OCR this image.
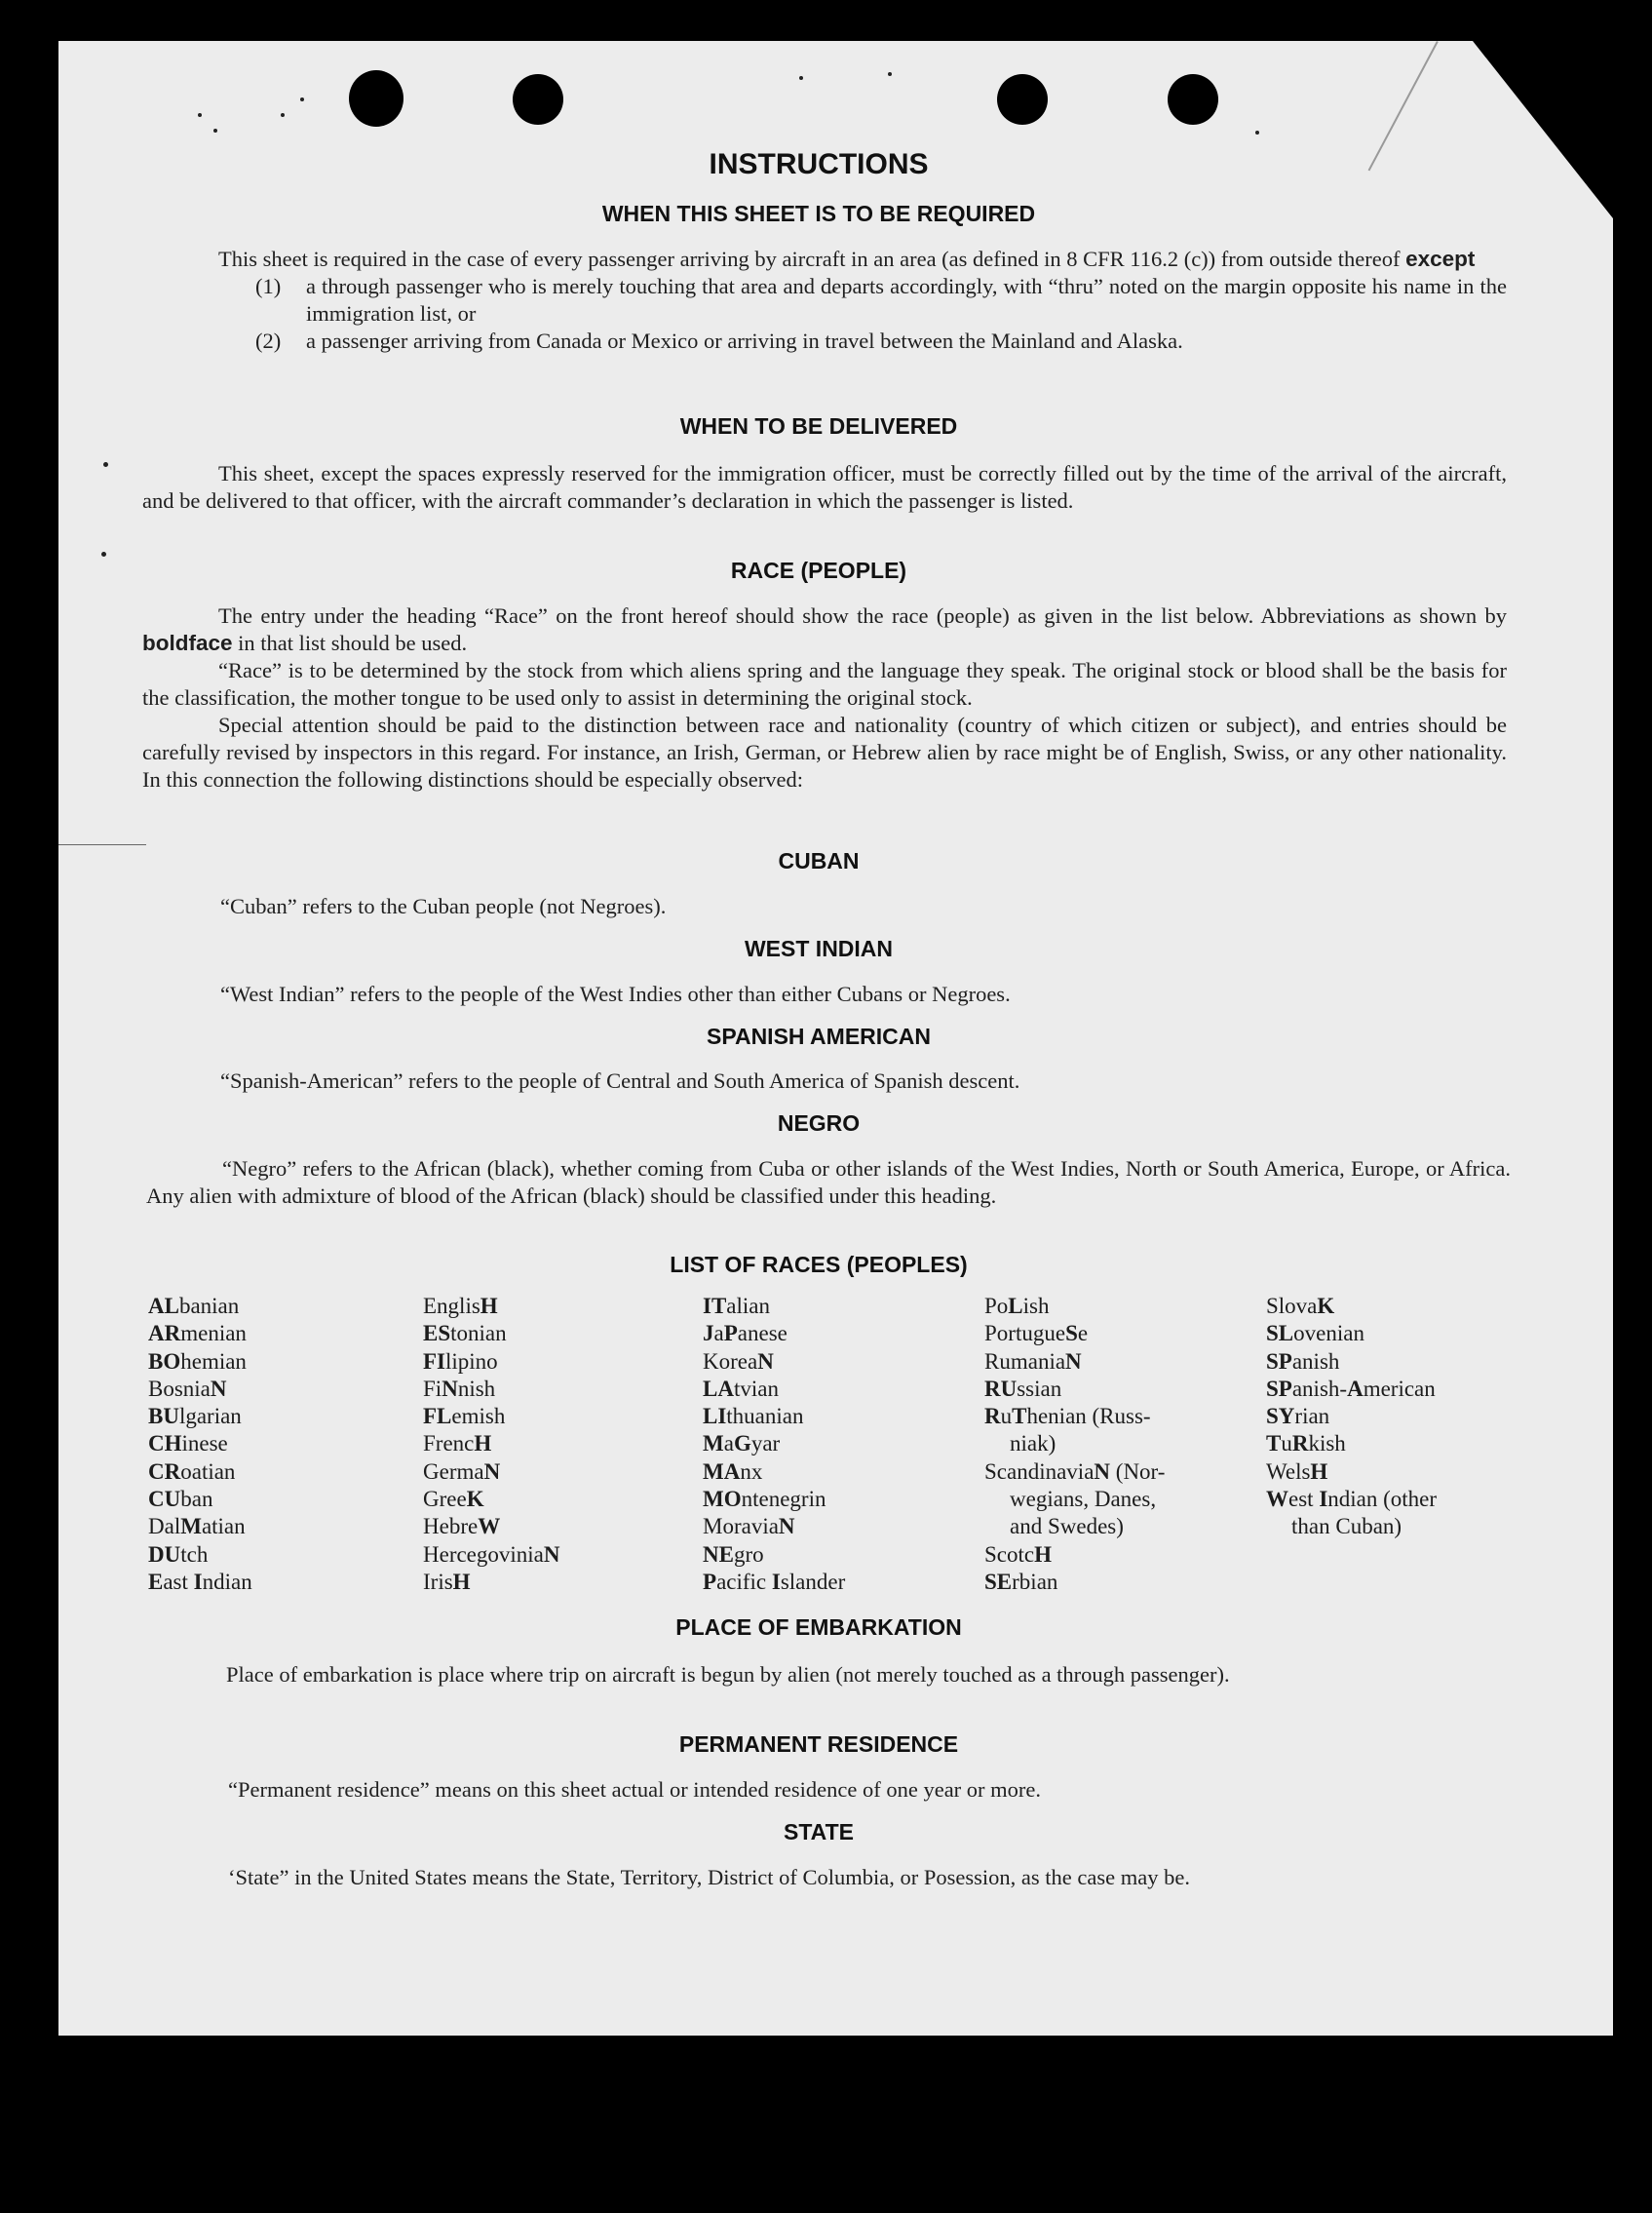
INSTRUCTIONS
WHEN THIS SHEET IS TO BE REQUIRED
This sheet is required in the case of every passenger arriving by aircraft in an area (as defined in 8 CFR 116.2 (c)) from outside thereof except
(1) a through passenger who is merely touching that area and departs accordingly, with “thru” noted on the margin opposite his name in the immigration list, or
(2) a passenger arriving from Canada or Mexico or arriving in travel between the Mainland and Alaska.
WHEN TO BE DELIVERED
This sheet, except the spaces expressly reserved for the immigration officer, must be correctly filled out by the time of the arrival of the aircraft, and be delivered to that officer, with the aircraft commander’s declaration in which the passenger is listed.
RACE (PEOPLE)
The entry under the heading “Race” on the front hereof should show the race (people) as given in the list below. Abbreviations as shown by boldface in that list should be used.
“Race” is to be determined by the stock from which aliens spring and the language they speak. The original stock or blood shall be the basis for the classification, the mother tongue to be used only to assist in determining the original stock.
Special attention should be paid to the distinction between race and nationality (country of which citizen or subject), and entries should be carefully revised by inspectors in this regard. For instance, an Irish, German, or Hebrew alien by race might be of English, Swiss, or any other nationality. In this connection the following distinctions should be especially observed:
CUBAN
“Cuban” refers to the Cuban people (not Negroes).
WEST INDIAN
“West Indian” refers to the people of the West Indies other than either Cubans or Negroes.
SPANISH AMERICAN
“Spanish-American” refers to the people of Central and South America of Spanish descent.
NEGRO
“Negro” refers to the African (black), whether coming from Cuba or other islands of the West Indies, North or South America, Europe, or Africa. Any alien with admixture of blood of the African (black) should be classified under this heading.
LIST OF RACES (PEOPLES)
ALbanian
ARmenian
BOhemian
BosniaN
BUlgarian
CHinese
CRoatian
CUban
DalMatian
DUtch
East Indian
EnglisH
EStonian
FIlipino
FiNnish
FLemish
FrencH
GermaN
GreeK
HebreW
HercegoviniaN
IrisH
ITalian
JaPanese
KoreaN
LAtvian
LIthuanian
MaGyar
MAnx
MOntenegrin
MoraviaN
NEgro
Pacific Islander
PoLish
PortugueSe
RumaniaN
RUssian
RuThenian (Russ-
niak)
ScandinaviaN (Nor-
wegians, Danes,
and Swedes)
ScotcH
SErbian
SlovaK
SLovenian
SPanish
SPanish-American
SYrian
TuRkish
WelsH
West Indian (other
than Cuban)
PLACE OF EMBARKATION
Place of embarkation is place where trip on aircraft is begun by alien (not merely touched as a through passenger).
PERMANENT RESIDENCE
“Permanent residence” means on this sheet actual or intended residence of one year or more.
STATE
‘State” in the United States means the State, Territory, District of Columbia, or Posession, as the case may be.
